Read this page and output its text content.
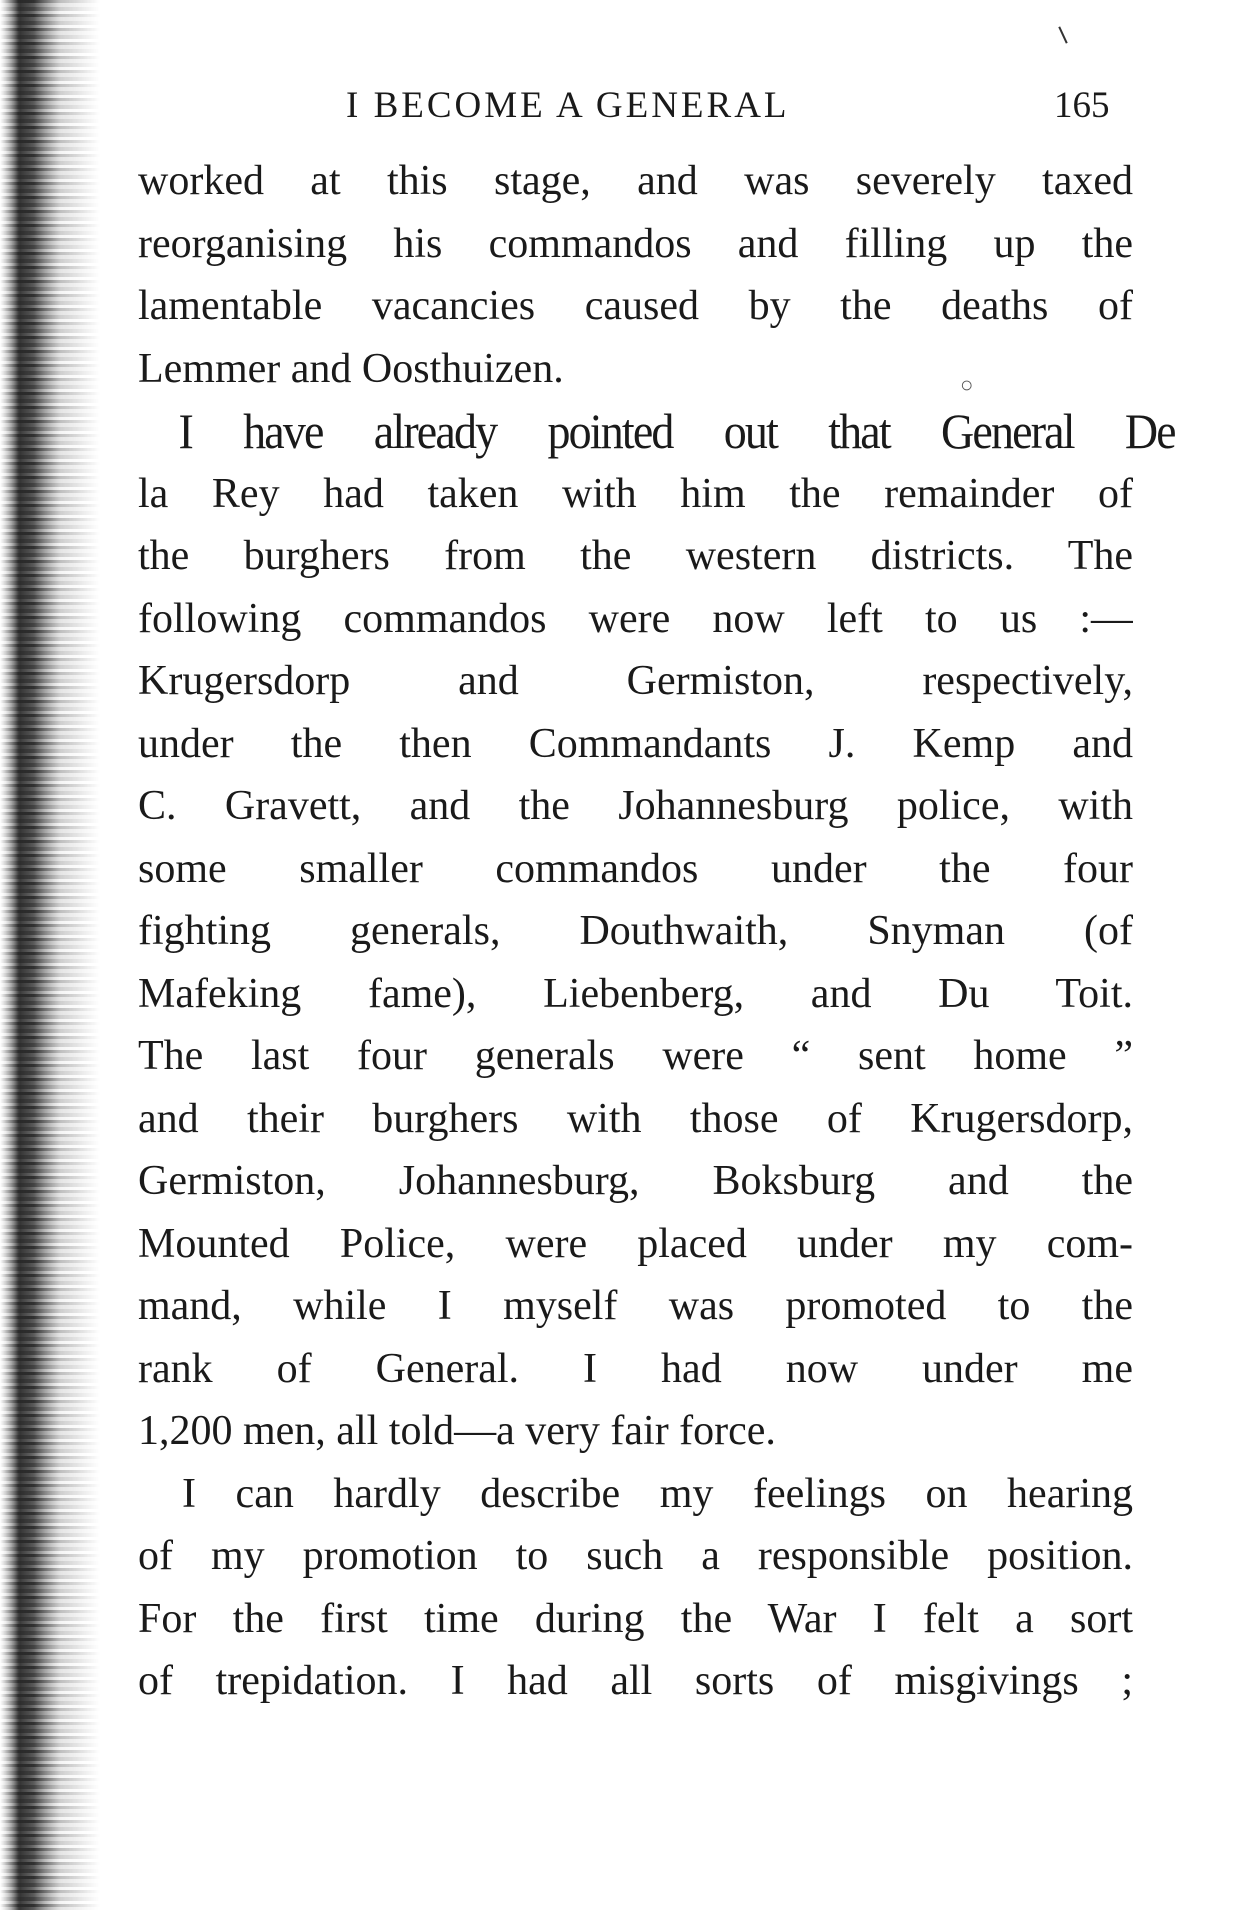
I BECOME A GENERAL	165
○
worked at this stage, and was severely taxed
reorganising his commandos and filling up the
lamentable vacancies caused by the deaths of
Lemmer and Oosthuizen.
I have already pointed out that General De
la Rey had taken with him the remainder of
the burghers from the western districts. The
following commandos were now left to us :—
Krugersdorp and Germiston, respectively,
under the then Commandants J. Kemp and
C. Gravett, and the Johannesburg police, with
some smaller commandos under the four
fighting generals, Douthwaith, Snyman (of
Mafeking fame), Liebenberg, and Du Toit.
The last four generals were “ sent home ”
and their burghers with those of Krugersdorp,
Germiston, Johannesburg, Boksburg and the
Mounted Police, were placed under my com-
mand, while I myself was promoted to the
rank of General. I had now under me
1,200 men, all told—a very fair force.
I can hardly describe my feelings on hearing
of my promotion to such a responsible position.
For the first time during the War I felt a sort
of trepidation. I had all sorts of misgivings ;
